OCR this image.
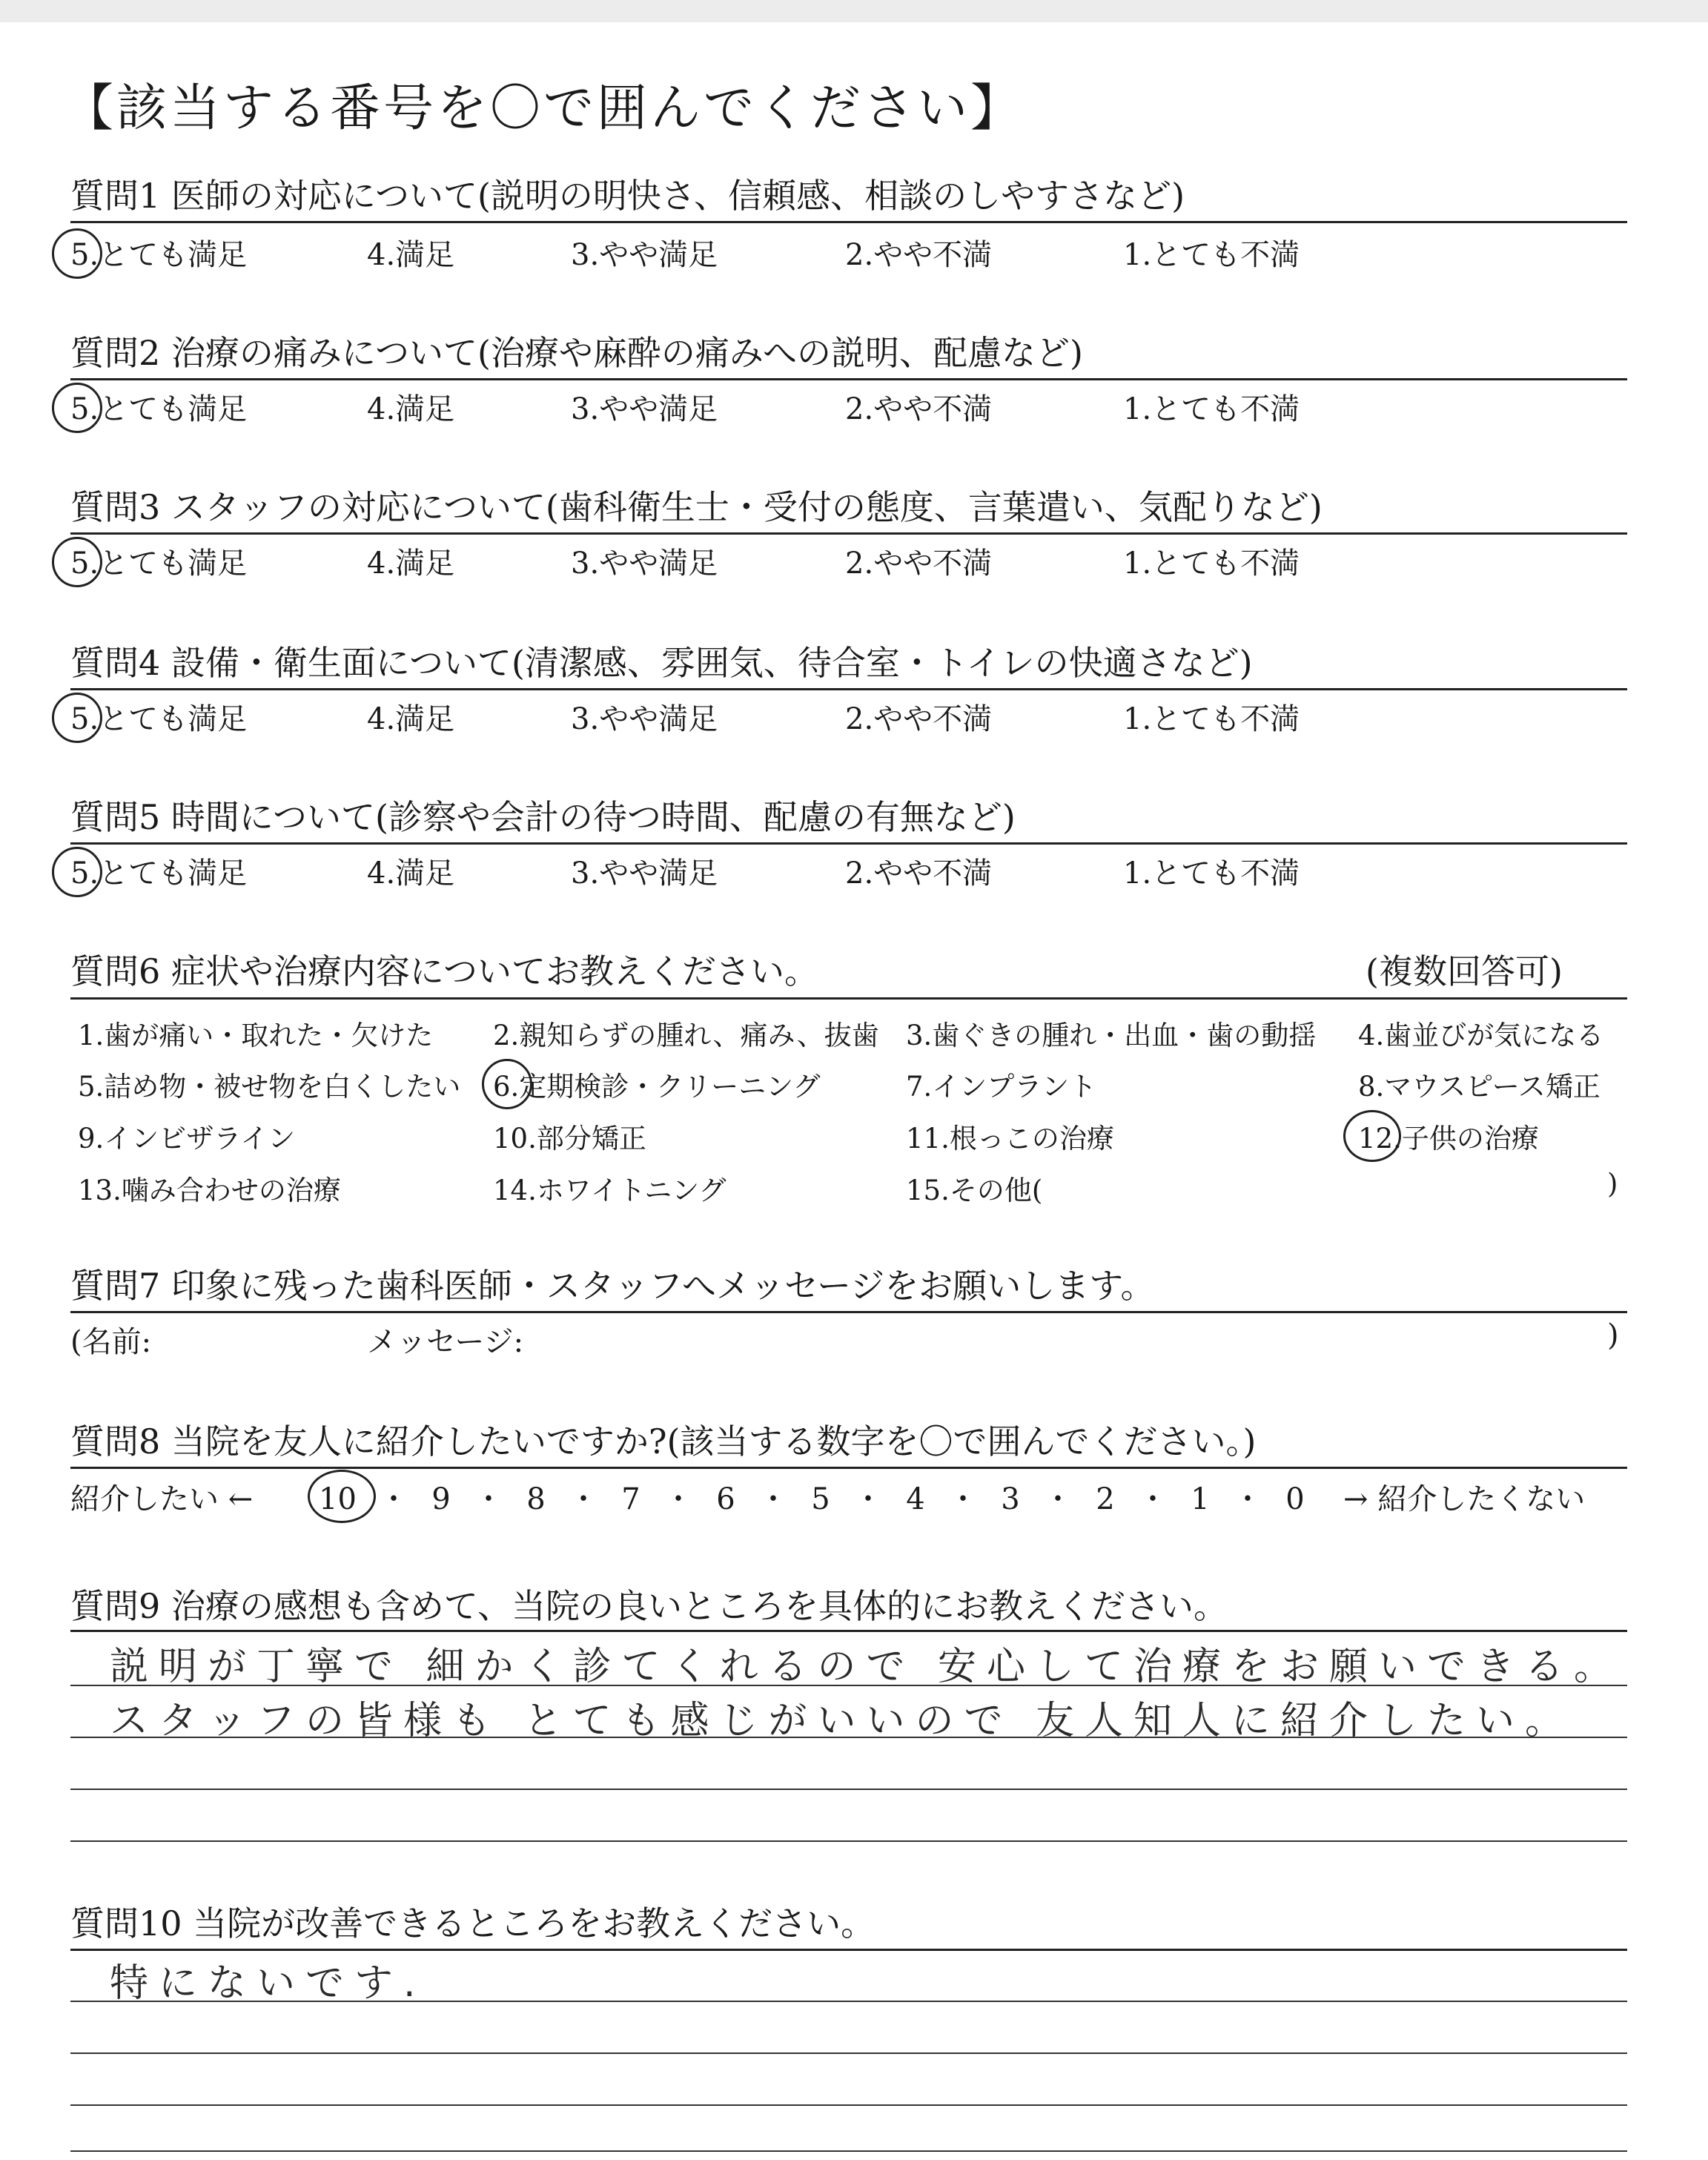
【該当する番号を〇で囲んでください】
質問1 医師の対応について(説明の明快さ、信頼感、相談のしやすさなど)
5.とても満足	4.満足	3.やや満足	2.やや不満	1.とても不満
質問2 治療の痛みについて(治療や麻酔の痛みへの説明、配慮など)
5.とても満足	4.満足	3.やや満足	2.やや不満	1.とても不満
質問3 スタッフの対応について(歯科衛生士・受付の態度、言葉遣い、気配りなど)
5.とても満足	4.満足	3.やや満足	2.やや不満	1.とても不満
質問4 設備・衛生面について(清潔感、雰囲気、待合室・トイレの快適さなど)
5.とても満足	4.満足	3.やや満足	2.やや不満	1.とても不満
質問5 時間について(診察や会計の待つ時間、配慮の有無など)
5.とても満足	4.満足	3.やや満足	2.やや不満	1.とても不満
質問6 症状や治療内容についてお教えください。	(複数回答可)
1.歯が痛い・取れた・欠けた 2.親知らずの腫れ、痛み、抜歯 3.歯ぐきの腫れ・出血・歯の動揺 4.歯並びが気になる
5.詰め物・被せ物を白くしたい 6.定期検診・クリーニング	7.インプラント	8.マウスピース矯正
9.インビザライン	10.部分矯正	11.根っこの治療	12.子供の治療
13.噛み合わせの治療	14.ホワイトニング	15.その他(	)
質問7 印象に残った歯科医師・スタッフへメッセージをお願いします。
(名前:	メッセージ:	)
質問8 当院を友人に紹介したいですか?(該当する数字を〇で囲んでください。)
紹介したい ← 10 ・ 9 ・ 8 ・ 7 ・ 6 ・ 5 ・ 4 ・ 3 ・ 2 ・ 1 ・ 0	→ 紹介したくない
質問9 治療の感想も含めて、当院の良いところを具体的にお教えください。
説明が丁寧で 細かく診てくれるので 安心して治療をお願いできる。
スタッフの皆様も とても感じがいいので 友人知人に紹介したい。
質問10 当院が改善できるところをお教えください。
特にないです.
